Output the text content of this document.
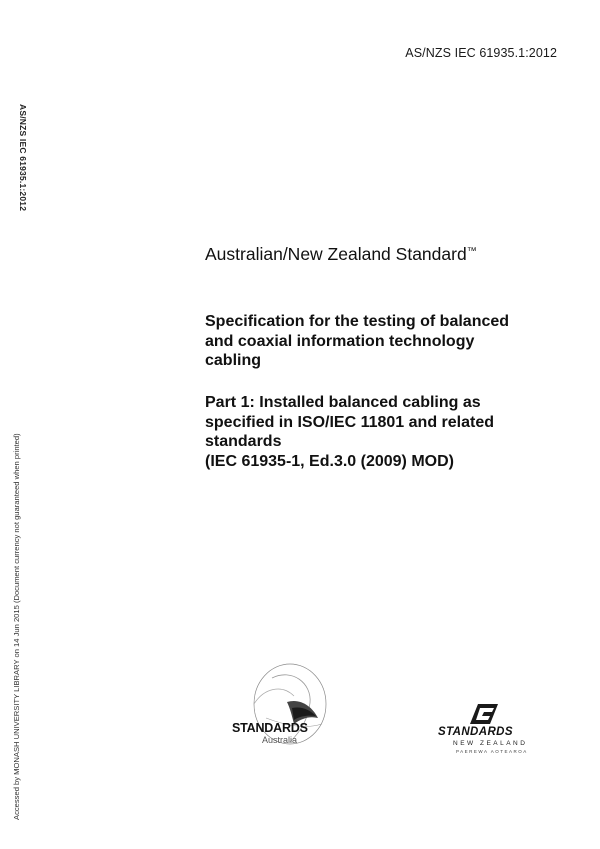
AS/NZS IEC 61935.1:2012
AS/NZS IEC 61935.1:2012
Accessed by MONASH UNIVERSITY LIBRARY on 14 Jun 2015 (Document currency not guaranteed when printed)
Australian/New Zealand Standard™
Specification for the testing of balanced
and coaxial information technology
cabling
Part 1: Installed balanced cabling as
specified in ISO/IEC 11801 and related
standards
(IEC 61935-1, Ed.3.0 (2009) MOD)
STANDARDS
Australia
STANDARDS
NEW ZEALAND
PAEREWA AOTEAROA
